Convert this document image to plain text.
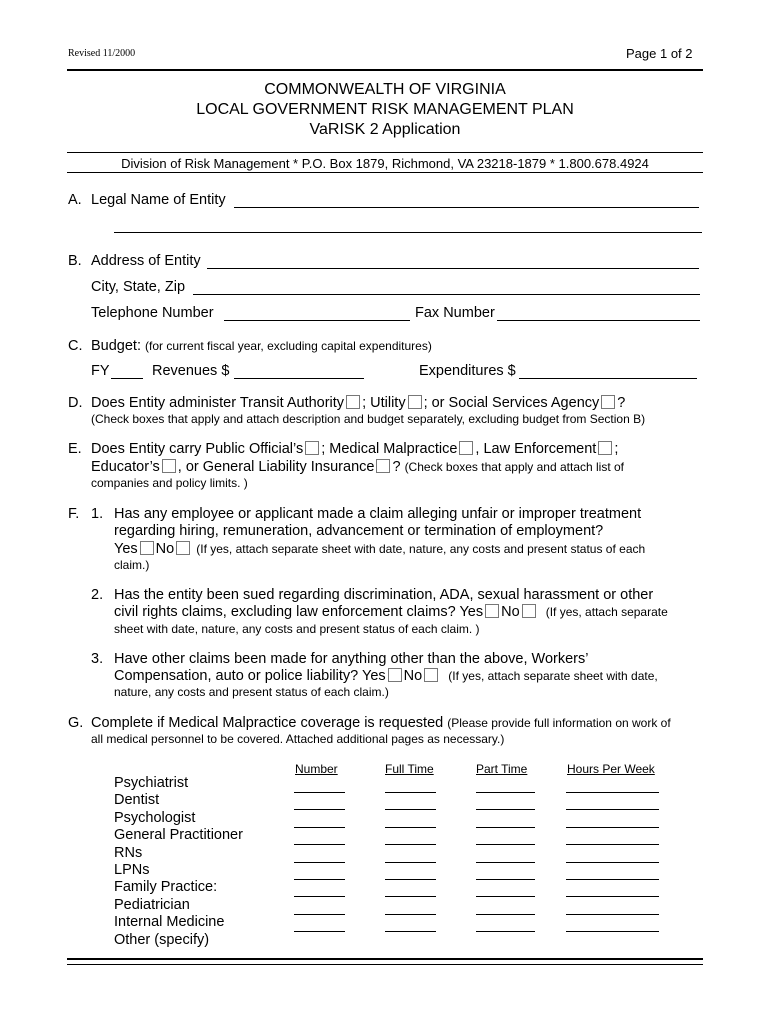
Revised 11/2000	Page 1 of 2
COMMONWEALTH OF VIRGINIA
LOCAL GOVERNMENT RISK MANAGEMENT PLAN
VaRISK 2 Application
Division of Risk Management * P.O. Box 1879, Richmond, VA 23218-1879 * 1.800.678.4924
A. Legal Name of Entity
B. Address of Entity
City, State, Zip
Telephone Number	Fax Number
C. Budget: (for current fiscal year, excluding capital expenditures)
FY	Revenues $	Expenditures $
D. Does Entity administer Transit Authority ; Utility ; or Social Services Agency ?
(Check boxes that apply and attach description and budget separately, excluding budget from Section B)
E. Does Entity carry Public Official’s ; Medical Malpractice , Law Enforcement ;
Educator’s , or General Liability Insurance ? (Check boxes that apply and attach list of
companies and policy limits. )
F. 1. Has any employee or applicant made a claim alleging unfair or improper treatment
regarding hiring, remuneration, advancement or termination of employment?
Yes No (If yes, attach separate sheet with date, nature, any costs and present status of each
claim.)
2. Has the entity been sued regarding discrimination, ADA, sexual harassment or other
civil rights claims, excluding law enforcement claims? Yes No (If yes, attach separate
sheet with date, nature, any costs and present status of each claim. )
3. Have other claims been made for anything other than the above, Workers’
Compensation, auto or police liability? Yes No (If yes, attach separate sheet with date,
nature, any costs and present status of each claim.)
G. Complete if Medical Malpractice coverage is requested (Please provide full information on work of
all medical personnel to be covered. Attached additional pages as necessary.)
Number	Full Time	Part Time	Hours Per Week
Psychiatrist
Dentist
Psychologist
General Practitioner
RNs
LPNs
Family Practice:
Pediatrician
Internal Medicine
Other (specify)
